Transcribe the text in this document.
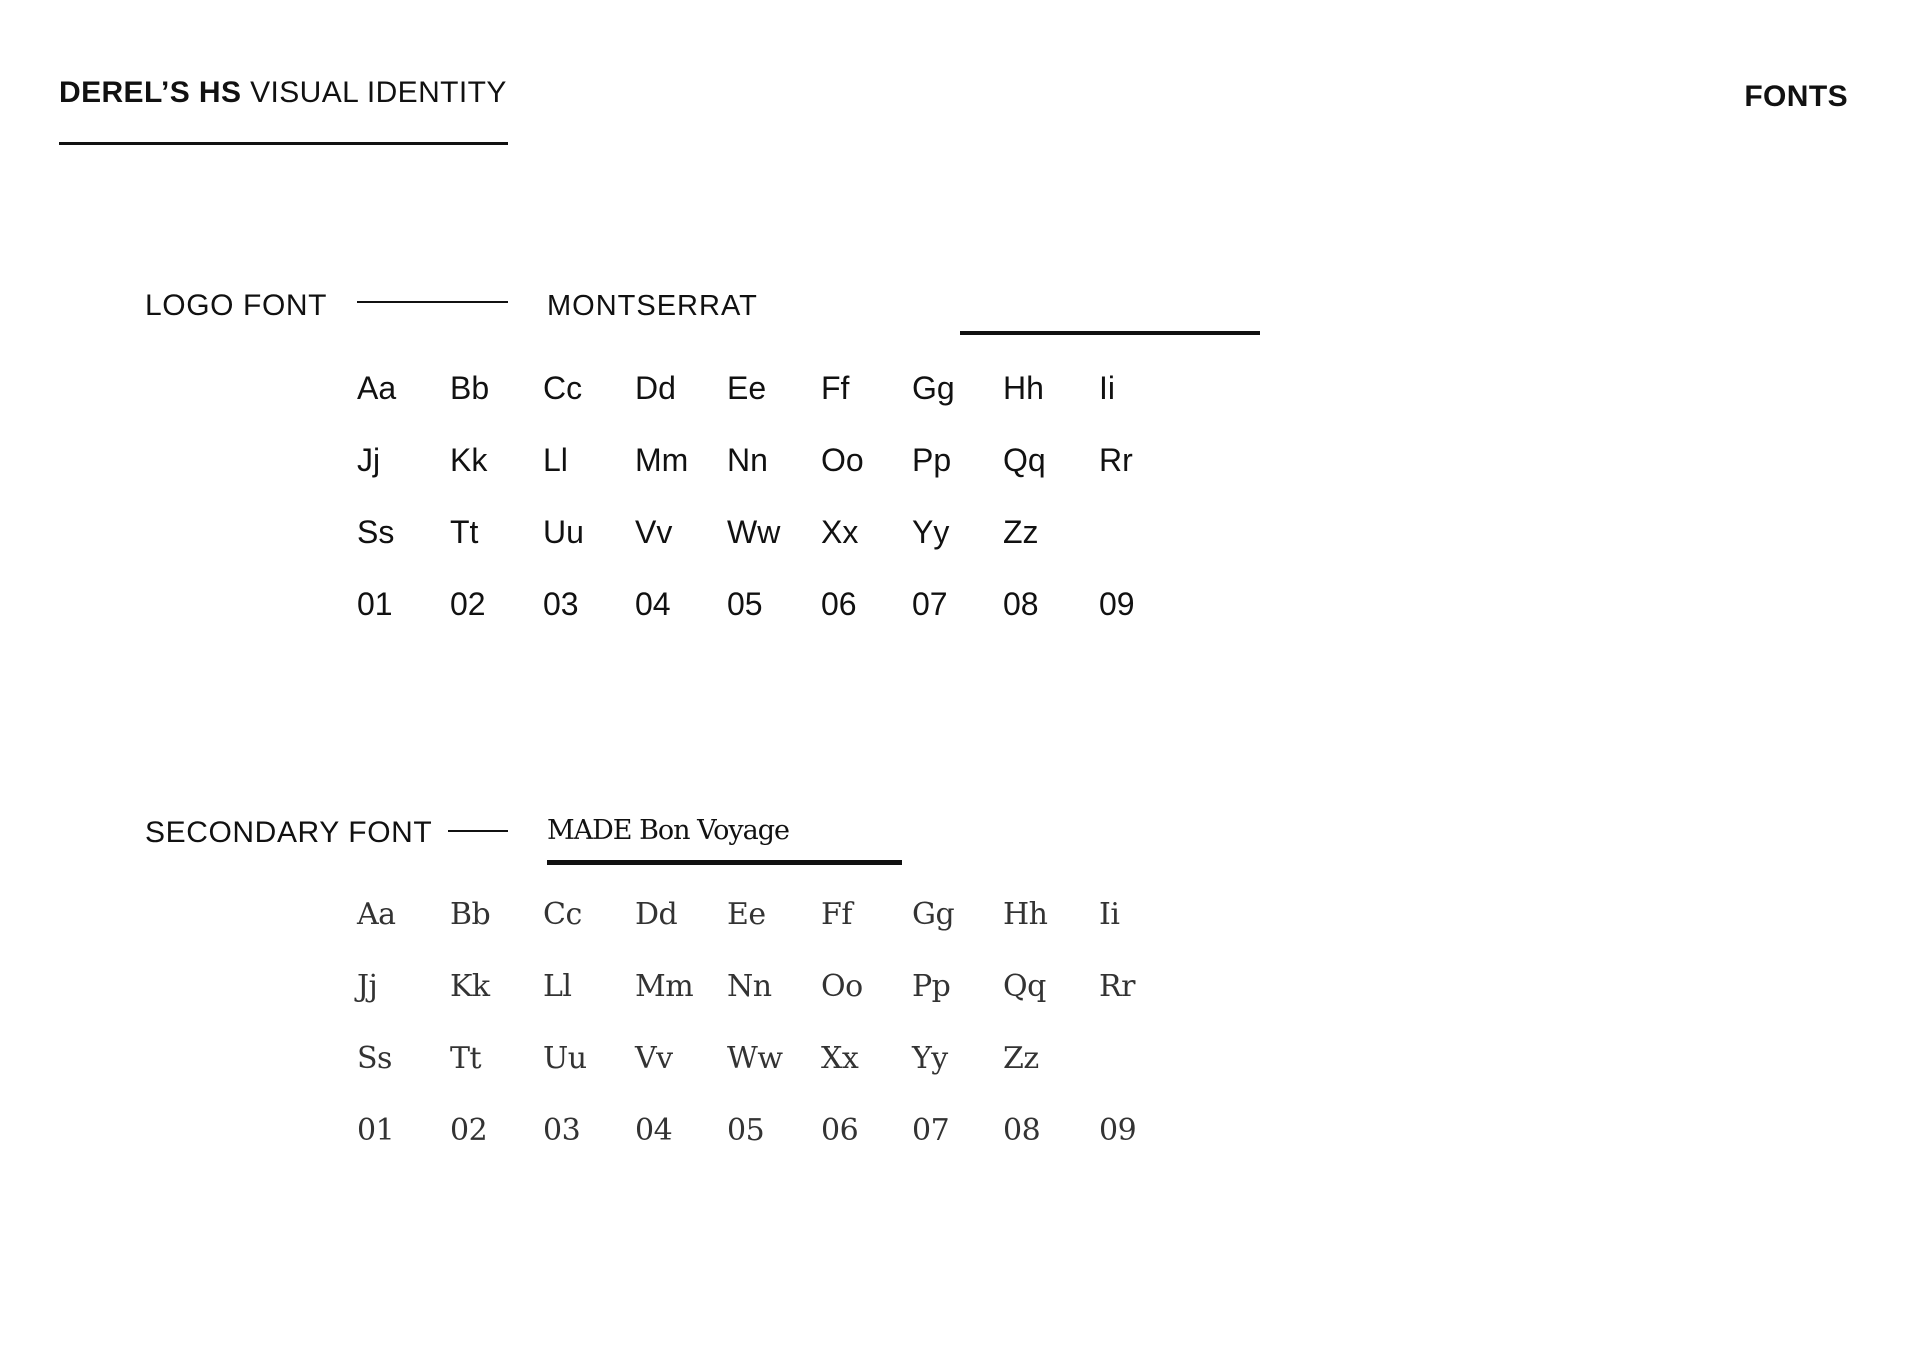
DEREL’S HS VISUAL IDENTITY	FONTS
LOGO FONT	MONTSERRAT
Aa	Bb	Cc	Dd	Ee	Ff	Gg	Hh	Ii
Jj	Kk	Ll	Mm	Nn	Oo	Pp	Qq	Rr
Ss	Tt	Uu	Vv	Ww	Xx	Yy	Zz
01	02	03	04	05	06	07	08	09
SECONDARY FONT	MADE Bon Voyage
Aa	Bb	Cc	Dd	Ee	Ff	Gg	Hh	Ii
Jj	Kk	Ll	Mm	Nn	Oo	Pp	Qq	Rr
Ss	Tt	Uu	Vv	Ww	Xx	Yy	Zz
01	02	03	04	05	06	07	08	09
